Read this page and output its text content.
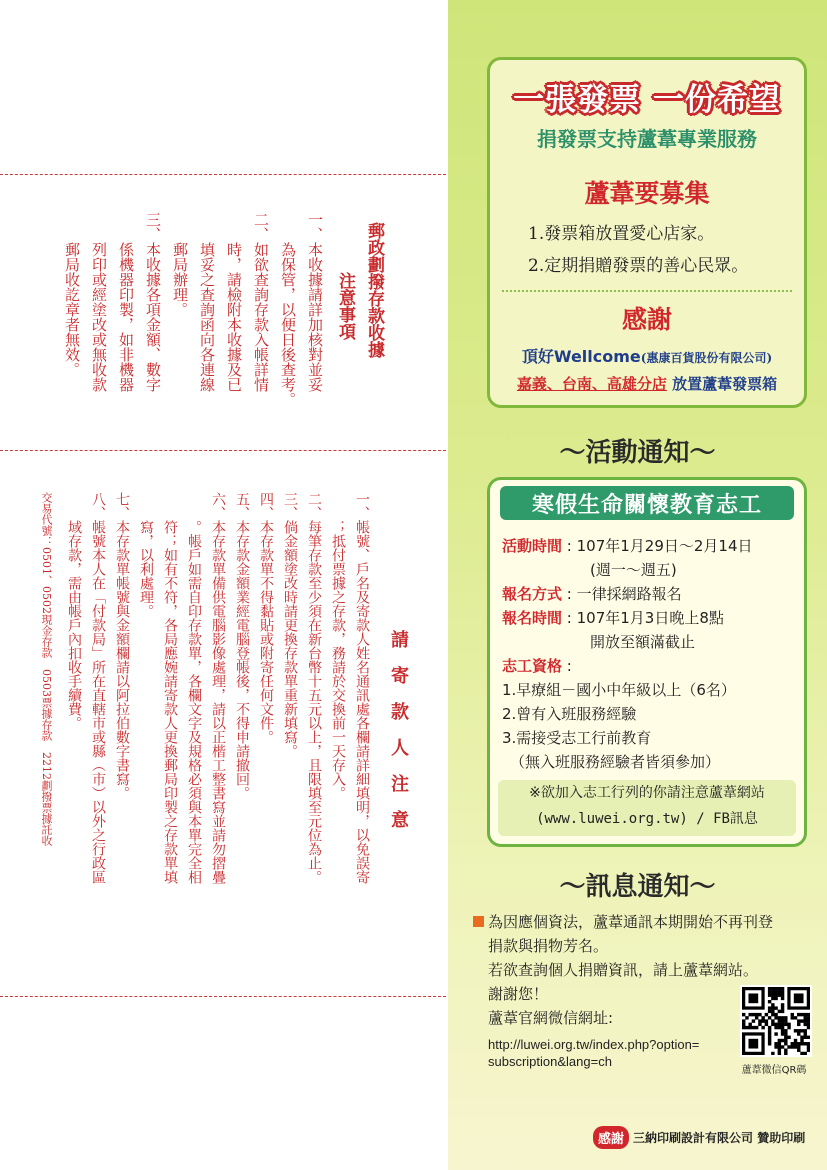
郵政劃撥存款收據
注意事項
一、本收據請詳加核對並妥
　　為保管，以便日後查考。
二、如欲查詢存款入帳詳情
　　時，請檢附本收據及已
　　填妥之查詢函向各連線
　　郵局辦理。
三、本收據各項金額、數字
　　係機器印製，如非機器
　　列印或經塗改或無收款
　　郵局收訖章者無效。
請寄款人注意
一、帳號、戶名及寄款人姓名通訊處各欄請詳細填明，以免誤寄
　　；抵付票據之存款，務請於交換前一天存入。
二、每筆存款至少須在新台幣十五元以上，且限填至元位為止。
三、倘金額塗改時請更換存款單重新填寫。
四、本存款單不得黏貼或附寄任何文件。
五、本存款金額業經電腦登帳後，不得申請撤回。
六、本存款單備供電腦影像處理，請以正楷工整書寫並請勿摺疊
　　。帳戶如需自印存款單，各欄文字及規格必須與本單完全相
　　符；如有不符，各局應婉請寄款人更換郵局印製之存款單填
　　寫，以利處理。
七、本存款單帳號與金額欄請以阿拉伯數字書寫。
八、帳號本人在「付款局」所在直轄市或縣（市）以外之行政區
　　域存款，需由帳戶內扣收手續費。
交易代號：0501、0502現金存款　0503票據存款　2212劃撥票據託收
一張發票 一份希望
捐發票支持蘆葦專業服務
蘆葦要募集
1.發票箱放置愛心店家。
2.定期捐贈發票的善心民眾。
感謝
頂好Wellcome(惠康百貨股份有限公司)
嘉義、台南、高雄分店 放置蘆葦發票箱
～活動通知～
寒假生命關懷教育志工
活動時間 : 107年1月29日～2月14日
(週一～週五)
報名方式 : 一律採網路報名
報名時間 : 107年1月3日晚上8點
開放至額滿截止
志工資格 :
1.早療組－國小中年級以上（6名）
2.曾有入班服務經驗
3.需接受志工行前教育
（無入班服務經驗者皆須參加）
※欲加入志工行列的你請注意蘆葦網站
(www.luwei.org.tw) / FB訊息
～訊息通知～
為因應個資法，蘆葦通訊本期開始不再刊登
捐款與捐物芳名。
若欲查詢個人捐贈資訊，請上蘆葦網站。
謝謝您！
蘆葦官網微信網址:
http://luwei.org.tw/index.php?option=
subscription&lang=ch
蘆葦微信QR碼
感謝 三納印刷設計有限公司 贊助印刷
